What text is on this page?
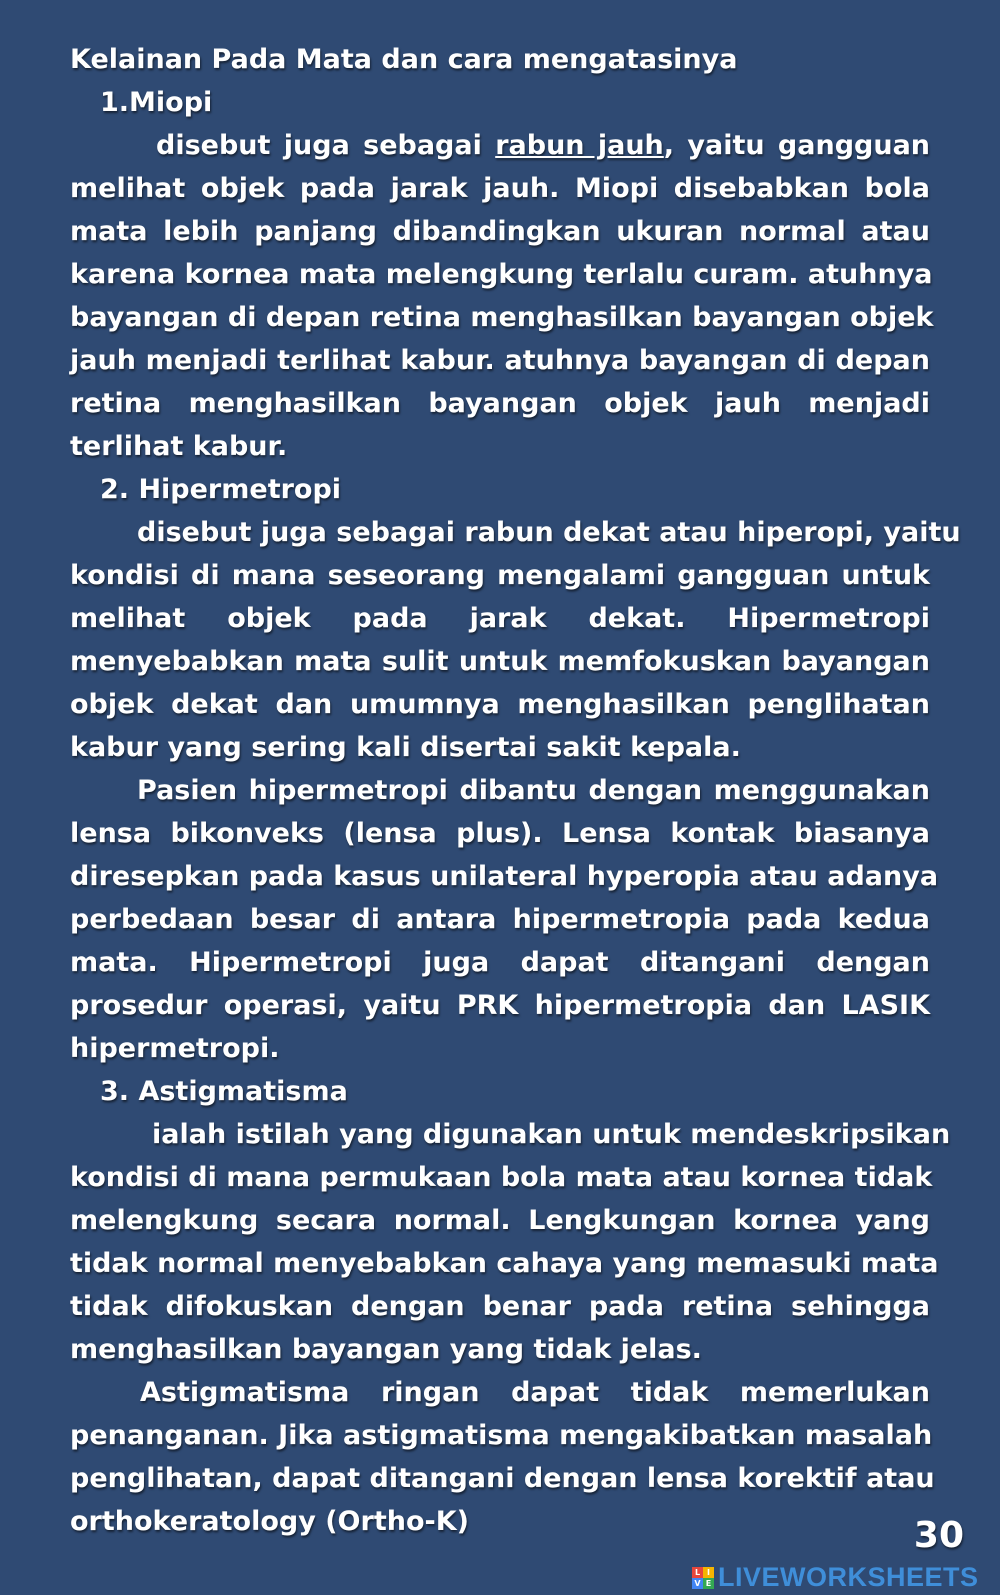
Kelainan Pada Mata dan cara mengatasinya
1.Miopi
disebut juga sebagai rabun jauh, yaitu gangguan
melihat objek pada jarak jauh. Miopi disebabkan bola
mata lebih panjang dibandingkan ukuran normal atau
karena kornea mata melengkung terlalu curam. atuhnya
bayangan di depan retina menghasilkan bayangan objek
jauh menjadi terlihat kabur. atuhnya bayangan di depan
retina menghasilkan bayangan objek jauh menjadi
terlihat kabur.
2. Hipermetropi
disebut juga sebagai rabun dekat atau hiperopi, yaitu
kondisi di mana seseorang mengalami gangguan untuk
melihat objek pada jarak dekat. Hipermetropi
menyebabkan mata sulit untuk memfokuskan bayangan
objek dekat dan umumnya menghasilkan penglihatan
kabur yang sering kali disertai sakit kepala.
Pasien hipermetropi dibantu dengan menggunakan
lensa bikonveks (lensa plus). Lensa kontak biasanya
diresepkan pada kasus unilateral hyperopia atau adanya
perbedaan besar di antara hipermetropia pada kedua
mata. Hipermetropi juga dapat ditangani dengan
prosedur operasi, yaitu PRK hipermetropia dan LASIK
hipermetropi.
3. Astigmatisma
ialah istilah yang digunakan untuk mendeskripsikan
kondisi di mana permukaan bola mata atau kornea tidak
melengkung secara normal. Lengkungan kornea yang
tidak normal menyebabkan cahaya yang memasuki mata
tidak difokuskan dengan benar pada retina sehingga
menghasilkan bayangan yang tidak jelas.
Astigmatisma ringan dapat tidak memerlukan
penanganan. Jika astigmatisma mengakibatkan masalah
penglihatan, dapat ditangani dengan lensa korektif atau
orthokeratology (Ortho-K)	30
L I
V E LIVEWORKSHEETS
